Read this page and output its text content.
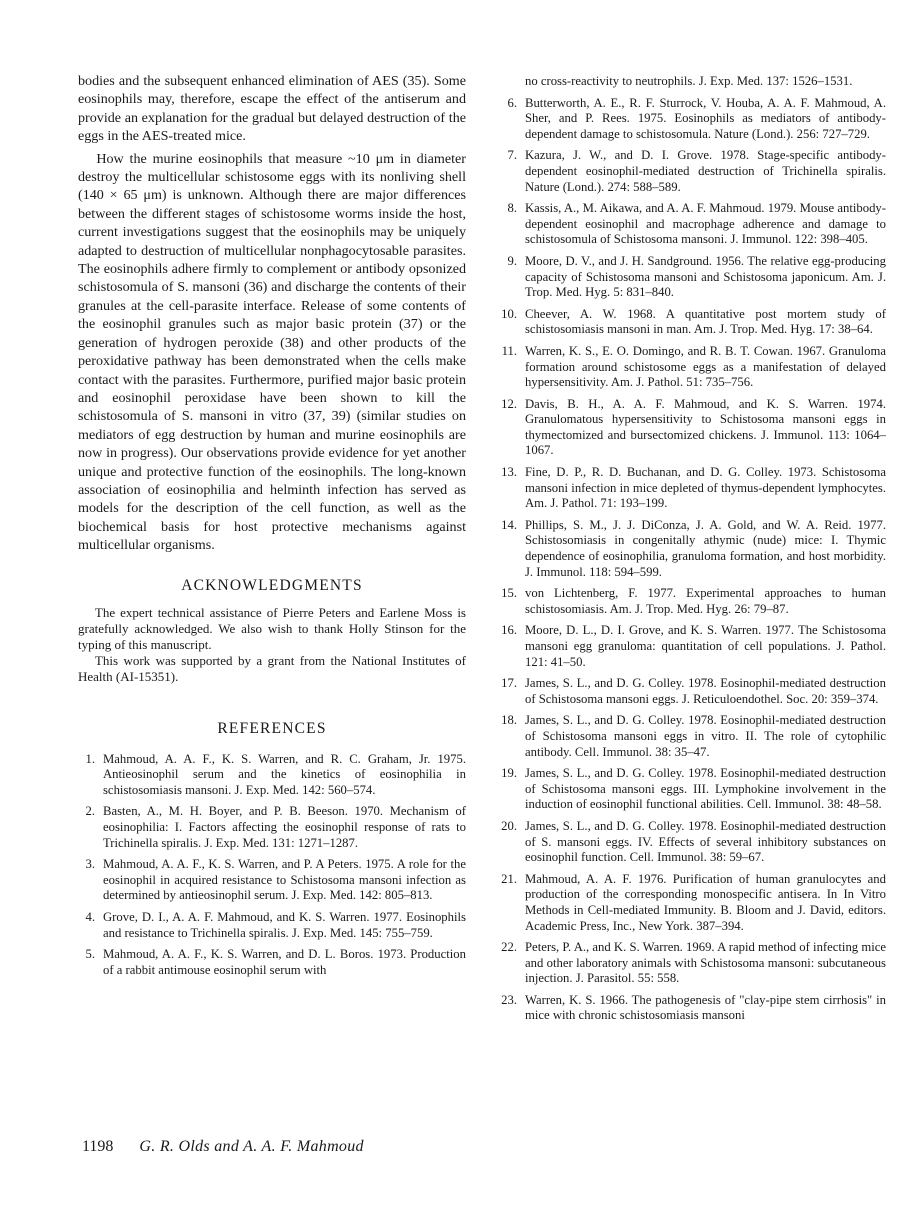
bodies and the subsequent enhanced elimination of AES (35). Some eosinophils may, therefore, escape the effect of the antiserum and provide an explanation for the gradual but delayed destruction of the eggs in the AES-treated mice.

How the murine eosinophils that measure ~10 μm in diameter destroy the multicellular schistosome eggs with its nonliving shell (140 × 65 μm) is unknown. Although there are major differences between the different stages of schistosome worms inside the host, current investigations suggest that the eosinophils may be uniquely adapted to destruction of multicellular nonphagocytosable parasites. The eosinophils adhere firmly to complement or antibody opsonized schistosomula of S. mansoni (36) and discharge the contents of their granules at the cell-parasite interface. Release of some contents of the eosinophil granules such as major basic protein (37) or the generation of hydrogen peroxide (38) and other products of the peroxidative pathway has been demonstrated when the cells make contact with the parasites. Furthermore, purified major basic protein and eosinophil peroxidase have been shown to kill the schistosomula of S. mansoni in vitro (37, 39) (similar studies on mediators of egg destruction by human and murine eosinophils are now in progress). Our observations provide evidence for yet another unique and protective function of the eosinophils. The long-known association of eosinophilia and helminth infection has served as models for the description of the cell function, as well as the biochemical basis for host protective mechanisms against multicellular organisms.

ACKNOWLEDGMENTS

The expert technical assistance of Pierre Peters and Earlene Moss is gratefully acknowledged. We also wish to thank Holly Stinson for the typing of this manuscript.

This work was supported by a grant from the National Institutes of Health (AI-15351).

REFERENCES
1. Mahmoud, A. A. F., K. S. Warren, and R. C. Graham, Jr. 1975. Antieosinophil serum and the kinetics of eosinophilia in schistosomiasis mansoni. J. Exp. Med. 142: 560–574.
2. Basten, A., M. H. Boyer, and P. B. Beeson. 1970. Mechanism of eosinophilia: I. Factors affecting the eosinophil response of rats to Trichinella spiralis. J. Exp. Med. 131: 1271–1287.
3. Mahmoud, A. A. F., K. S. Warren, and P. A Peters. 1975. A role for the eosinophil in acquired resistance to Schistosoma mansoni infection as determined by antieosinophil serum. J. Exp. Med. 142: 805–813.
4. Grove, D. I., A. A. F. Mahmoud, and K. S. Warren. 1977. Eosinophils and resistance to Trichinella spiralis. J. Exp. Med. 145: 755–759.
5. Mahmoud, A. A. F., K. S. Warren, and D. L. Boros. 1973. Production of a rabbit antimouse eosinophil serum with

no cross-reactivity to neutrophils. J. Exp. Med. 137: 1526–1531.

6. Butterworth, A. E., R. F. Sturrock, V. Houba, A. A. F. Mahmoud, A. Sher, and P. Rees. 1975. Eosinophils as mediators of antibody-dependent damage to schistosomula. Nature (Lond.). 256: 727–729.
7. Kazura, J. W., and D. I. Grove. 1978. Stage-specific antibody-dependent eosinophil-mediated destruction of Trichinella spiralis. Nature (Lond.). 274: 588–589.
8. Kassis, A., M. Aikawa, and A. A. F. Mahmoud. 1979. Mouse antibody-dependent eosinophil and macrophage adherence and damage to schistosomula of Schistosoma mansoni. J. Immunol. 122: 398–405.
9. Moore, D. V., and J. H. Sandground. 1956. The relative egg-producing capacity of Schistosoma mansoni and Schistosoma japonicum. Am. J. Trop. Med. Hyg. 5: 831–840.
10. Cheever, A. W. 1968. A quantitative post mortem study of schistosomiasis mansoni in man. Am. J. Trop. Med. Hyg. 17: 38–64.
11. Warren, K. S., E. O. Domingo, and R. B. T. Cowan. 1967. Granuloma formation around schistosome eggs as a manifestation of delayed hypersensitivity. Am. J. Pathol. 51: 735–756.
12. Davis, B. H., A. A. F. Mahmoud, and K. S. Warren. 1974. Granulomatous hypersensitivity to Schistosoma mansoni eggs in thymectomized and bursectomized chickens. J. Immunol. 113: 1064–1067.
13. Fine, D. P., R. D. Buchanan, and D. G. Colley. 1973. Schistosoma mansoni infection in mice depleted of thymus-dependent lymphocytes. Am. J. Pathol. 71: 193–199.
14. Phillips, S. M., J. J. DiConza, J. A. Gold, and W. A. Reid. 1977. Schistosomiasis in congenitally athymic (nude) mice: I. Thymic dependence of eosinophilia, granuloma formation, and host morbidity. J. Immunol. 118: 594–599.
15. von Lichtenberg, F. 1977. Experimental approaches to human schistosomiasis. Am. J. Trop. Med. Hyg. 26: 79–87.
16. Moore, D. L., D. I. Grove, and K. S. Warren. 1977. The Schistosoma mansoni egg granuloma: quantitation of cell populations. J. Pathol. 121: 41–50.
17. James, S. L., and D. G. Colley. 1978. Eosinophil-mediated destruction of Schistosoma mansoni eggs. J. Reticuloendothel. Soc. 20: 359–374.
18. James, S. L., and D. G. Colley. 1978. Eosinophil-mediated destruction of Schistosoma mansoni eggs in vitro. II. The role of cytophilic antibody. Cell. Immunol. 38: 35–47.
19. James, S. L., and D. G. Colley. 1978. Eosinophil-mediated destruction of Schistosoma mansoni eggs. III. Lymphokine involvement in the induction of eosinophil functional abilities. Cell. Immunol. 38: 48–58.
20. James, S. L., and D. G. Colley. 1978. Eosinophil-mediated destruction of S. mansoni eggs. IV. Effects of several inhibitory substances on eosinophil function. Cell. Immunol. 38: 59–67.
21. Mahmoud, A. A. F. 1976. Purification of human granulocytes and production of the corresponding monospecific antisera. In In Vitro Methods in Cell-mediated Immunity. B. Bloom and J. David, editors. Academic Press, Inc., New York. 387–394.
22. Peters, P. A., and K. S. Warren. 1969. A rapid method of infecting mice and other laboratory animals with Schistosoma mansoni: subcutaneous injection. J. Parasitol. 55: 558.
23. Warren, K. S. 1966. The pathogenesis of "clay-pipe stem cirrhosis" in mice with chronic schistosomiasis mansoni
1198 G. R. Olds and A. A. F. Mahmoud
